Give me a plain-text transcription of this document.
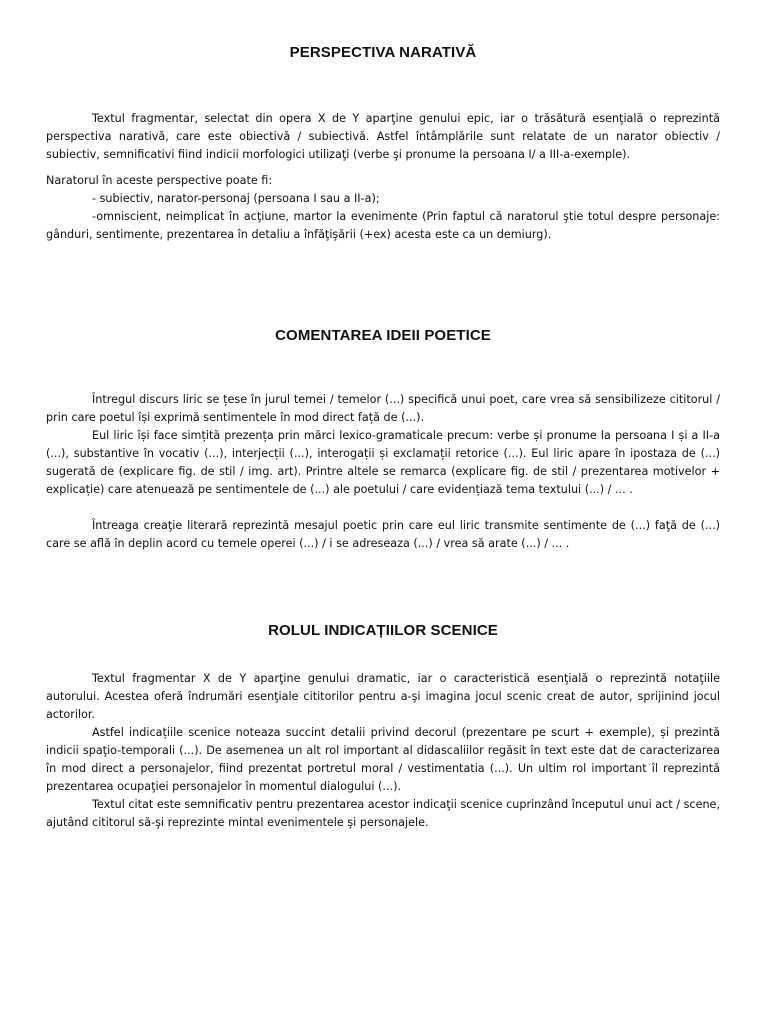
PERSPECTIVA NARATIVĂ

Textul fragmentar, selectat din opera X de Y aparţine genului epic, iar o trăsătură esenţială o reprezintă perspectiva narativă, care este obiectivă / subiectivă. Astfel întâmplările sunt relatate de un narator obiectiv / subiectiv, semnificativi fiind indicii morfologici utilizaţi (verbe şi pronume la persoana I/ a III-a-exemple).

Naratorul în aceste perspective poate fi:

- subiectiv, narator-personaj (persoana I sau a II-a);

-omniscient, neimplicat în acţiune, martor la evenimente (Prin faptul că naratorul ştie totul despre personaje: gânduri, sentimente, prezentarea în detaliu a înfăţişării (+ex) acesta este ca un demiurg).

COMENTAREA IDEII POETICE

Întregul discurs liric se țese în jurul temei / temelor (...) specifică unui poet, care vrea să sensibilizeze cititorul / prin care poetul își exprimă sentimentele în mod direct față de (...).

Eul liric își face simțită prezența prin mărci lexico-gramaticale precum: verbe și pronume la persoana I și a II-a (...), substantive în vocativ (...), interjecții (...), interogații și exclamații retorice (...). Eul liric apare în ipostaza de (...) sugerată de (explicare fig. de stil / img. art). Printre altele se remarca (explicare fig. de stil / prezentarea motivelor + explicație) care atenuează pe sentimentele de (...) ale poetului / care evidențiază tema textului (...) / ... .

Întreaga creaţie literară reprezintă mesajul poetic prin care eul liric transmite sentimente de (...) faţă de (...) care se află în deplin acord cu temele operei (...) / i se adreseaza (...) / vrea să arate (...) / ... .

ROLUL INDICAȚIILOR SCENICE

Textul fragmentar X de Y aparţine genului dramatic, iar o caracteristică esenţială o reprezintă notaţiile autorului. Acestea oferă îndrumări esenţiale cititorilor pentru a-şi imagina jocul scenic creat de autor, sprijinind jocul actorilor.

Astfel indicațiile scenice noteaza succint detalii privind decorul (prezentare pe scurt + exemple), și prezintă indicii spaţio-temporali (...). De asemenea un alt rol important al didascaliilor regăsit în text este dat de caracterizarea în mod direct a personajelor, fiind prezentat portretul moral / vestimentatia (...). Un ultim rol important îl reprezintă prezentarea ocupaţiei personajelor în momentul dialogului (...).

Textul citat este semnificativ pentru prezentarea acestor indicaţii scenice cuprinzând începutul unui act / scene, ajutând cititorul să-şi reprezinte mintal evenimentele şi personajele.
